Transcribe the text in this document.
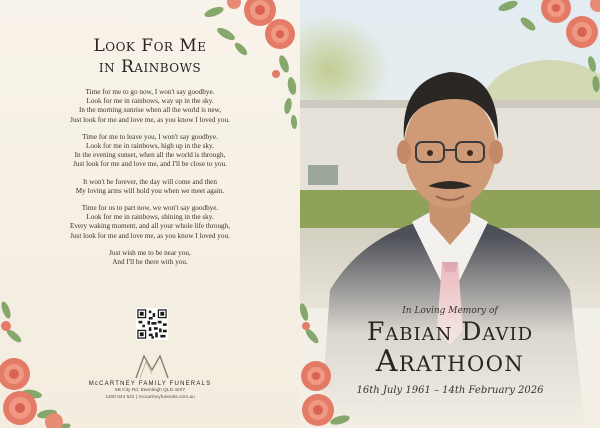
Look For Me
in Rainbows
Time for me to go now, I won't say goodbye.
Look for me in rainbows, way up in the sky.
In the morning sunrise when all the world is new,
Just look for me and love me, as you know I loved you.
Time for me to leave you, I won't say goodbye.
Look for me in rainbows, high up in the sky.
In the evening sunset, when all the world is through,
Just look for me and love me, and I'll be close to you.
It won't be forever, the day will come and then
My loving arms will hold you when we meet again.
Time for us to part now, we won't say goodbye.
Look for me in rainbows, shining in the sky.
Every waking moment, and all your whole life through,
Just look for me and love me, as you know I loved you.
Just wish me to be near you,
And I'll be there with you.
McCARTNEY FAMILY FUNERALS
6B City Rd, Beenleigh QLD 4207
1300 043 522 | mccartneyfunerals.com.au
In Loving Memory of
Fabian David
Arathoon
16th July 1961 – 14th February 2026
